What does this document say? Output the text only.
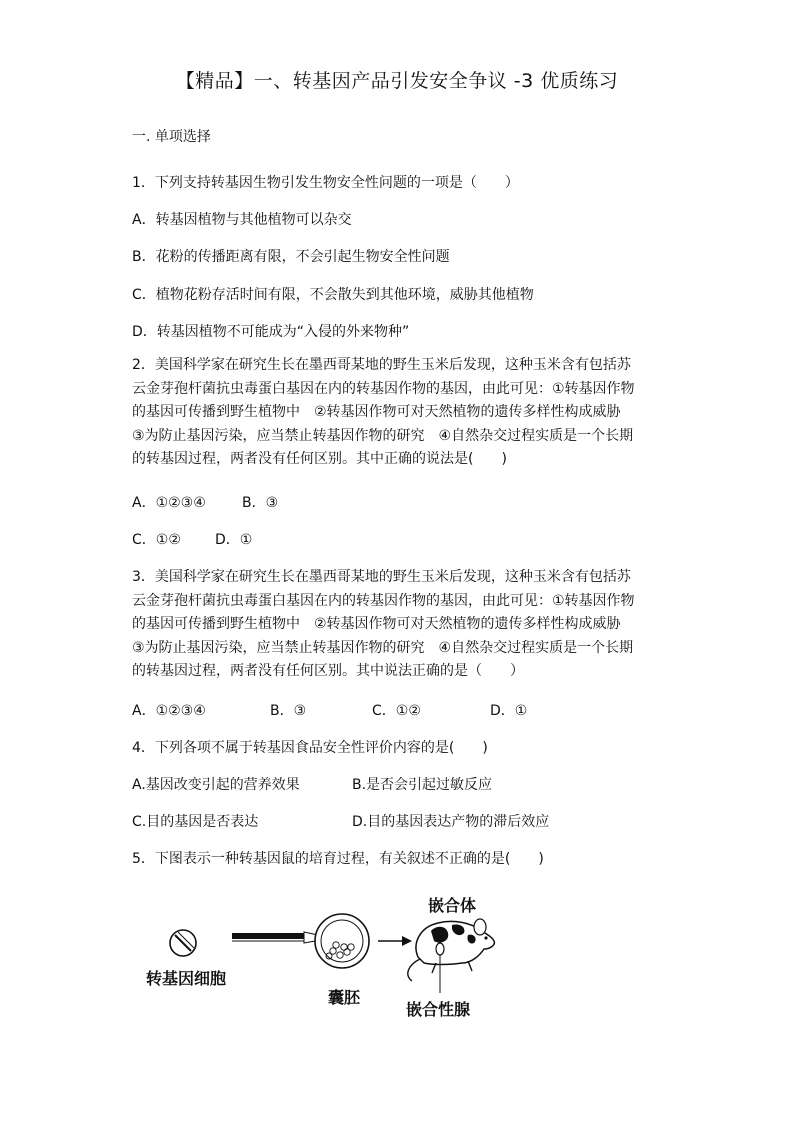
【精品】一、转基因产品引发安全争议 -3 优质练习
一. 单项选择
1．下列支持转基因生物引发生物安全性问题的一项是（　　）
A．转基因植物与其他植物可以杂交
B．花粉的传播距离有限，不会引起生物安全性问题
C．植物花粉存活时间有限，不会散失到其他环境，威胁其他植物
D．转基因植物不可能成为“入侵的外来物种”
2．美国科学家在研究生长在墨西哥某地的野生玉米后发现，这种玉米含有包括苏
云金芽孢杆菌抗虫毒蛋白基因在内的转基因作物的基因，由此可见：①转基因作物
的基因可传播到野生植物中　②转基因作物可对天然植物的遗传多样性构成威胁
③为防止基因污染，应当禁止转基因作物的研究　④自然杂交过程实质是一个长期
的转基因过程，两者没有任何区别。其中正确的说法是(　　)
A．①②③④	B．③
C．①② D．①
3．美国科学家在研究生长在墨西哥某地的野生玉米后发现，这种玉米含有包括苏
云金芽孢杆菌抗虫毒蛋白基因在内的转基因作物的基因，由此可见：①转基因作物
的基因可传播到野生植物中　②转基因作物可对天然植物的遗传多样性构成威胁
③为防止基因污染，应当禁止转基因作物的研究　④自然杂交过程实质是一个长期
的转基因过程，两者没有任何区别。其中说法正确的是（　　）
A．①②③④	B．③	C．①②	D．①
4．下列各项不属于转基因食品安全性评价内容的是(　　)
A.基因改变引起的营养效果	B.是否会引起过敏反应
C.目的基因是否表达	D.目的基因表达产物的滞后效应
5．下图表示一种转基因鼠的培育过程，有关叙述不正确的是(　　)
转基因细胞
囊胚
嵌合体
嵌合性腺
